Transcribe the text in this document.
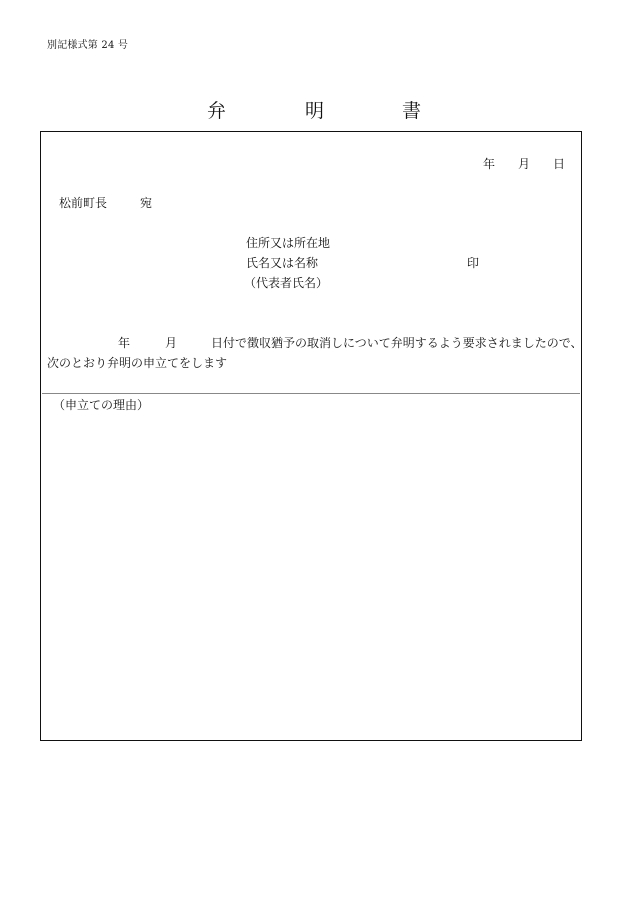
別記様式第 24 号
弁	明	書
年 月 日
松前町長	宛
住所又は所在地
氏名又は名称	印
（代表者氏名）
年	月	日付で徴収猶予の取消しについて弁明するよう要求されましたので、
次のとおり弁明の申立てをします
（申立ての理由）
